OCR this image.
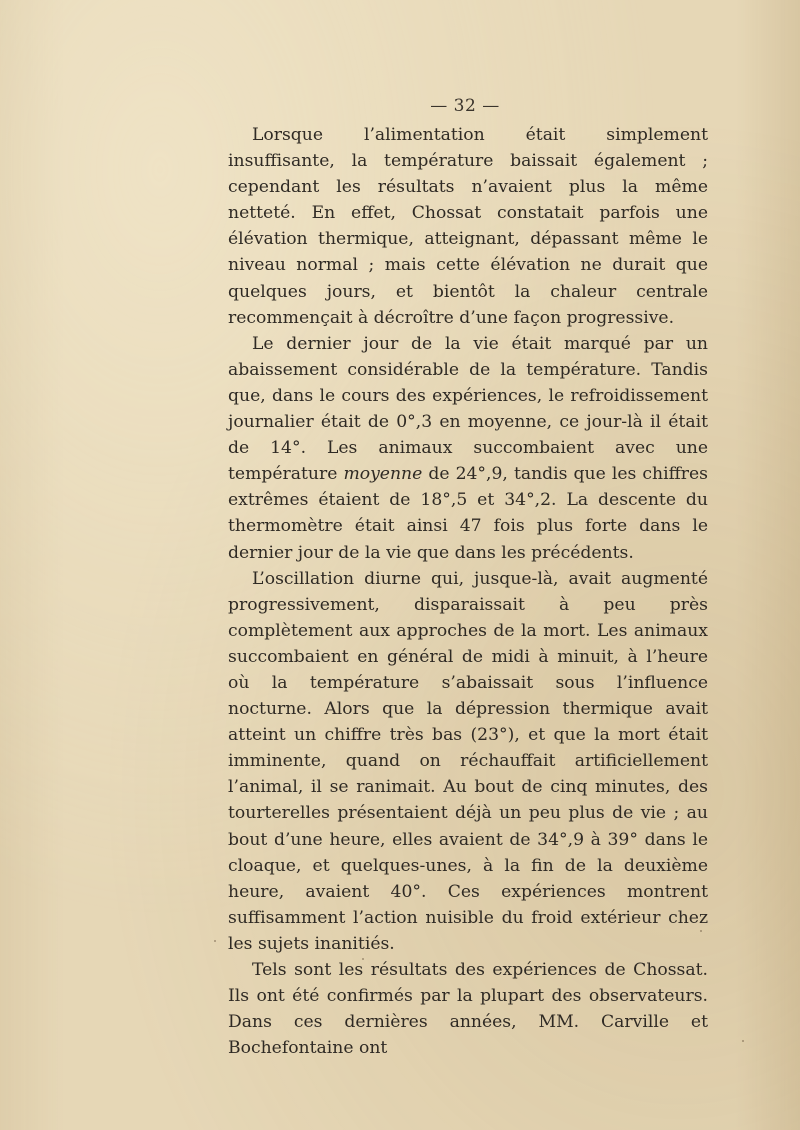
— 32 —

Lorsque l’alimentation était simplement insuffisante, la température baissait également ; cependant les résultats n’avaient plus la même netteté. En effet, Chossat constatait parfois une élévation thermique, atteignant, dépassant même le niveau normal ; mais cette élévation ne durait que quelques jours, et bientôt la chaleur centrale recommençait à décroître d’une façon progressive.

Le dernier jour de la vie était marqué par un abaissement considérable de la température. Tandis que, dans le cours des expériences, le refroidissement journalier était de 0°,3 en moyenne, ce jour-là il était de 14°. Les animaux succombaient avec une température moyenne de 24°,9, tandis que les chiffres extrêmes étaient de 18°,5 et 34°,2. La descente du thermomètre était ainsi 47 fois plus forte dans le dernier jour de la vie que dans les précédents.

L’oscillation diurne qui, jusque-là, avait augmenté progressivement, disparaissait à peu près complètement aux approches de la mort. Les animaux succombaient en général de midi à minuit, à l’heure où la température s’abaissait sous l’influence nocturne. Alors que la dépression thermique avait atteint un chiffre très bas (23°), et que la mort était imminente, quand on réchauffait artificiellement l’animal, il se ranimait. Au bout de cinq minutes, des tourterelles présentaient déjà un peu plus de vie ; au bout d’une heure, elles avaient de 34°,9 à 39° dans le cloaque, et quelques-unes, à la fin de la deuxième heure, avaient 40°. Ces expériences montrent suffisamment l’action nuisible du froid extérieur chez les sujets inanitiés.

Tels sont les résultats des expériences de Chossat. Ils ont été confirmés par la plupart des observateurs. Dans ces dernières années, MM. Carville et Bochefontaine ont
